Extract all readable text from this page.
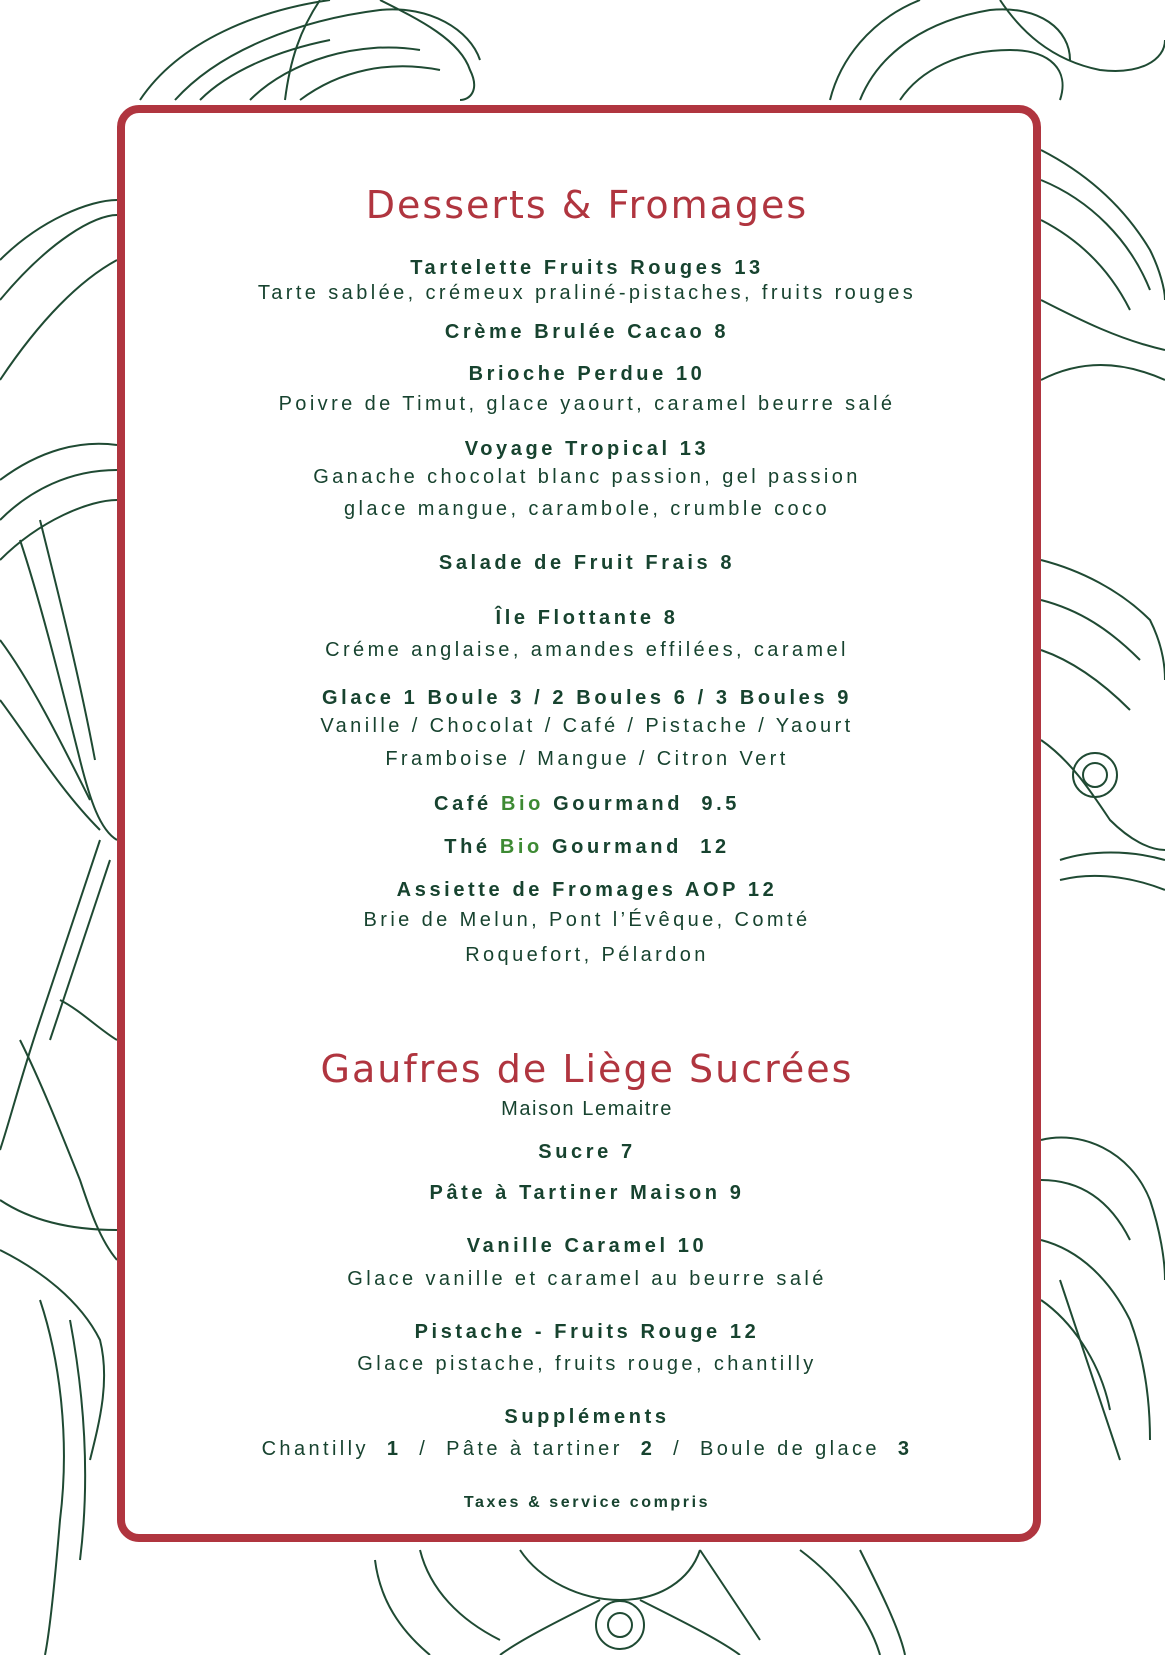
Desserts & Fromages
Tartelette Fruits Rouges 13
Tarte sablée, crémeux praliné-pistaches, fruits rouges
Crème Brulée Cacao 8
Brioche Perdue 10
Poivre de Timut, glace yaourt, caramel beurre salé
Voyage Tropical 13
Ganache chocolat blanc passion, gel passion
glace mangue, carambole, crumble coco
Salade de Fruit Frais 8
Île Flottante 8
Créme anglaise, amandes effilées, caramel
Glace 1 Boule 3 / 2 Boules 6 / 3 Boules 9
Vanille / Chocolat / Café / Pistache / Yaourt
Framboise / Mangue / Citron Vert
Café Bio Gourmand  9.5
Thé Bio Gourmand  12
Assiette de Fromages AOP 12
Brie de Melun, Pont l’Évêque, Comté
Roquefort, Pélardon
Gaufres de Liège Sucrées
Maison Lemaitre
Sucre 7
Pâte à Tartiner Maison 9
Vanille Caramel 10
Glace vanille et caramel au beurre salé
Pistache - Fruits Rouge 12
Glace pistache, fruits rouge, chantilly
Suppléments
Chantilly  1  /  Pâte à tartiner  2  /  Boule de glace  3
Taxes & service compris
